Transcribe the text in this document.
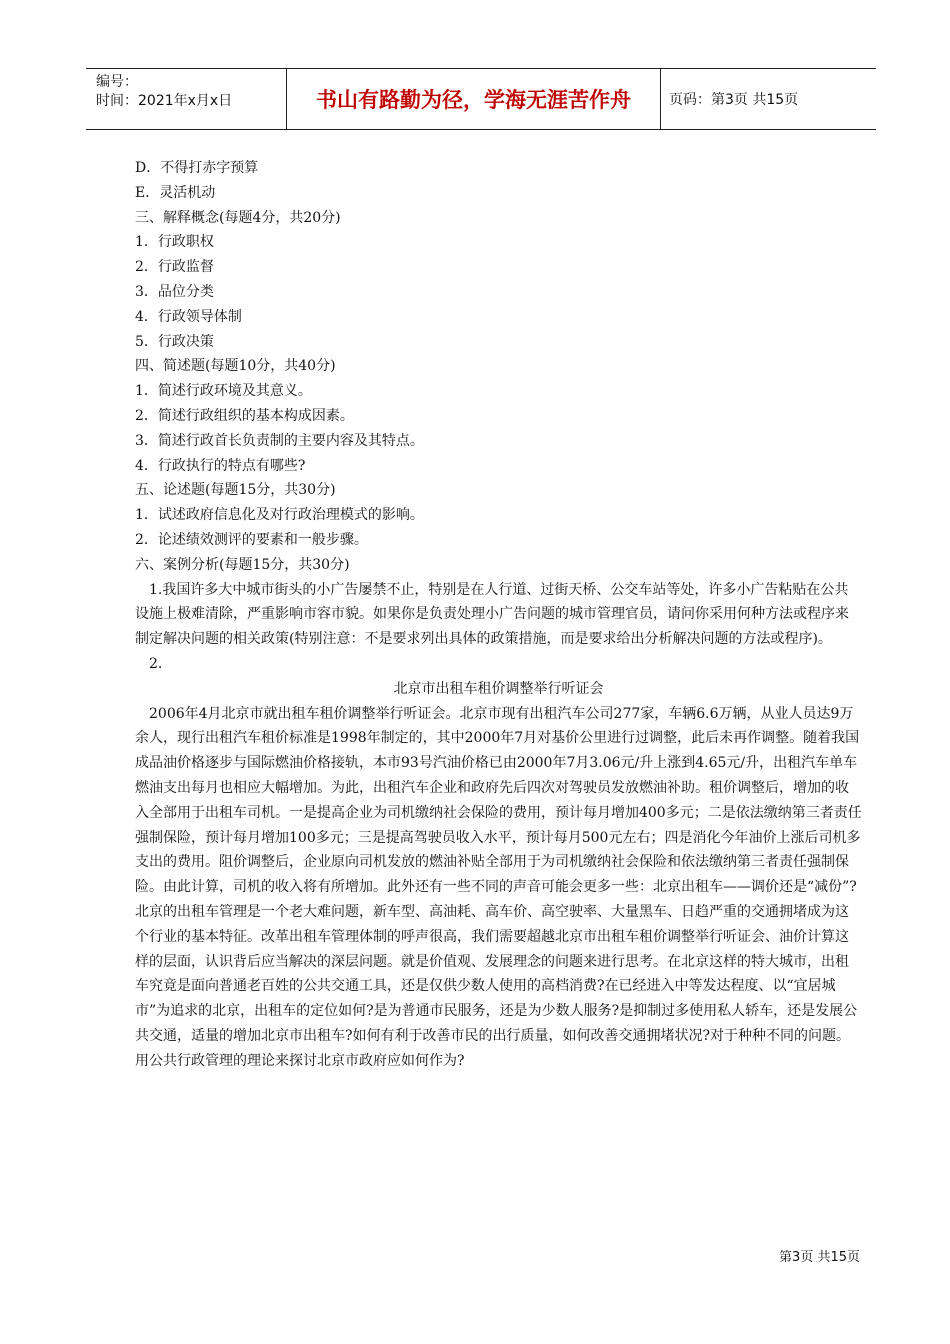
编号：
时间：2021年x月x日	书山有路勤为径，学海无涯苦作舟	页码：第3页 共15页
D．不得打赤字预算
E．灵活机动
三、解释概念(每题4分，共20分)
1．行政职权
2．行政监督
3．品位分类
4．行政领导体制
5．行政决策
四、简述题(每题10分，共40分)
1．简述行政环境及其意义。
2．简述行政组织的基本构成因素。
3．简述行政首长负责制的主要内容及其特点。
4．行政执行的特点有哪些?
五、论述题(每题15分，共30分)
1．试述政府信息化及对行政治理模式的影响。
2．论述绩效测评的要素和一般步骤。
六、案例分析(每题15分，共30分)
　1.我国许多大中城市街头的小广告屡禁不止，特别是在人行道、过街天桥、公交车站等处，许多小广告粘贴在公共设施上极难清除，严重影响市容市貌。如果你是负责处理小广告问题的城市管理官员，请问你采用何种方法或程序来制定解决问题的相关政策(特别注意：不是要求列出具体的政策措施，而是要求给出分析解决问题的方法或程序)。
　2.
北京市出租车租价调整举行听证会
　2006年4月北京市就出租车租价调整举行听证会。北京市现有出租汽车公司277家，车辆6.6万辆，从业人员达9万余人，现行出租汽车租价标准是1998年制定的，其中2000年7月对基价公里进行过调整，此后未再作调整。随着我国成品油价格逐步与国际燃油价格接轨，本市93号汽油价格已由2000年7月3.06元/升上涨到4.65元/升，出租汽车单车燃油支出每月也相应大幅增加。为此，出租汽车企业和政府先后四次对驾驶员发放燃油补助。租价调整后，增加的收入全部用于出租车司机。一是提高企业为司机缴纳社会保险的费用，预计每月增加400多元；二是依法缴纳第三者责任强制保险，预计每月增加100多元；三是提高驾驶员收入水平，预计每月500元左右；四是消化今年油价上涨后司机多支出的费用。阻价调整后，企业原向司机发放的燃油补贴全部用于为司机缴纳社会保险和依法缴纳第三者责任强制保险。由此计算，司机的收入将有所增加。此外还有一些不同的声音可能会更多一些：北京出租车——调价还是“减份”?北京的出租车管理是一个老大难问题，新车型、高油耗、高车价、高空驶率、大量黑车、日趋严重的交通拥堵成为这个行业的基本特征。改革出租车管理体制的呼声很高，我们需要超越北京市出租车租价调整举行听证会、油价计算这样的层面，认识背后应当解决的深层问题。就是价值观、发展理念的问题来进行思考。在北京这样的特大城市，出租车究竟是面向普通老百姓的公共交通工具，还是仅供少数人使用的高档消费?在已经进入中等发达程度、以“宜居城市”为追求的北京，出租车的定位如何?是为普通市民服务，还是为少数人服务?是抑制过多使用私人轿车，还是发展公共交通，适量的增加北京市出租车?如何有利于改善市民的出行质量，如何改善交通拥堵状况?对于种种不同的问题。用公共行政管理的理论来探讨北京市政府应如何作为?
第3页 共15页
